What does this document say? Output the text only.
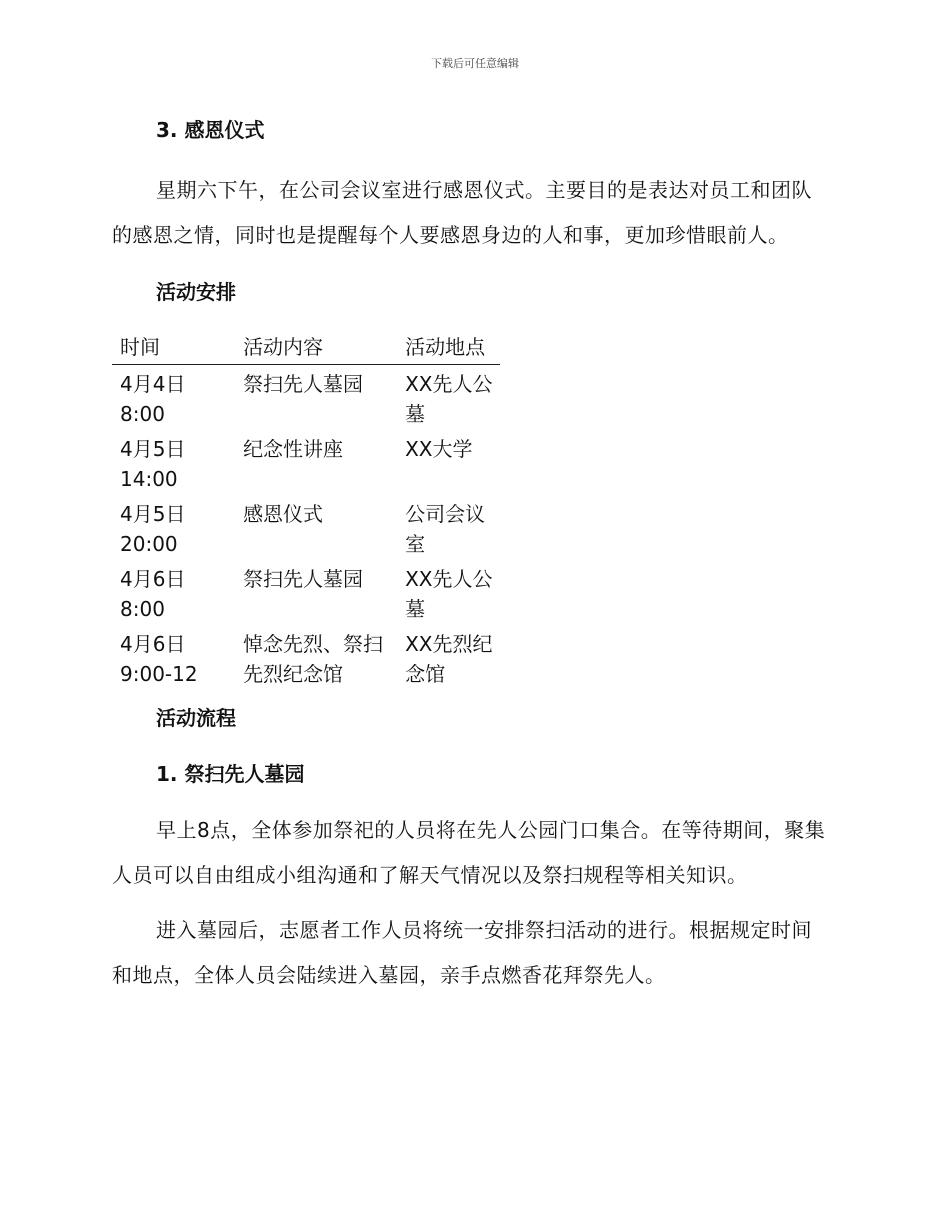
下载后可任意编辑
3. 感恩仪式

星期六下午，在公司会议室进行感恩仪式。主要目的是表达对员工和团队的感恩之情，同时也是提醒每个人要感恩身边的人和事，更加珍惜眼前人。

活动安排
时间	活动内容	活动地点
4月4日 8:00	祭扫先人墓园	XX先人公墓
4月5日 14:00	纪念性讲座	XX大学
4月5日 20:00	感恩仪式	公司会议室
4月6日 8:00	祭扫先人墓园	XX先人公墓
4月6日 9:00-12	悼念先烈、祭扫先烈纪念馆	XX先烈纪念馆
活动流程
1. 祭扫先人墓园

早上8点，全体参加祭祀的人员将在先人公园门口集合。在等待期间，聚集人员可以自由组成小组沟通和了解天气情况以及祭扫规程等相关知识。

进入墓园后，志愿者工作人员将统一安排祭扫活动的进行。根据规定时间和地点，全体人员会陆续进入墓园，亲手点燃香花拜祭先人。
